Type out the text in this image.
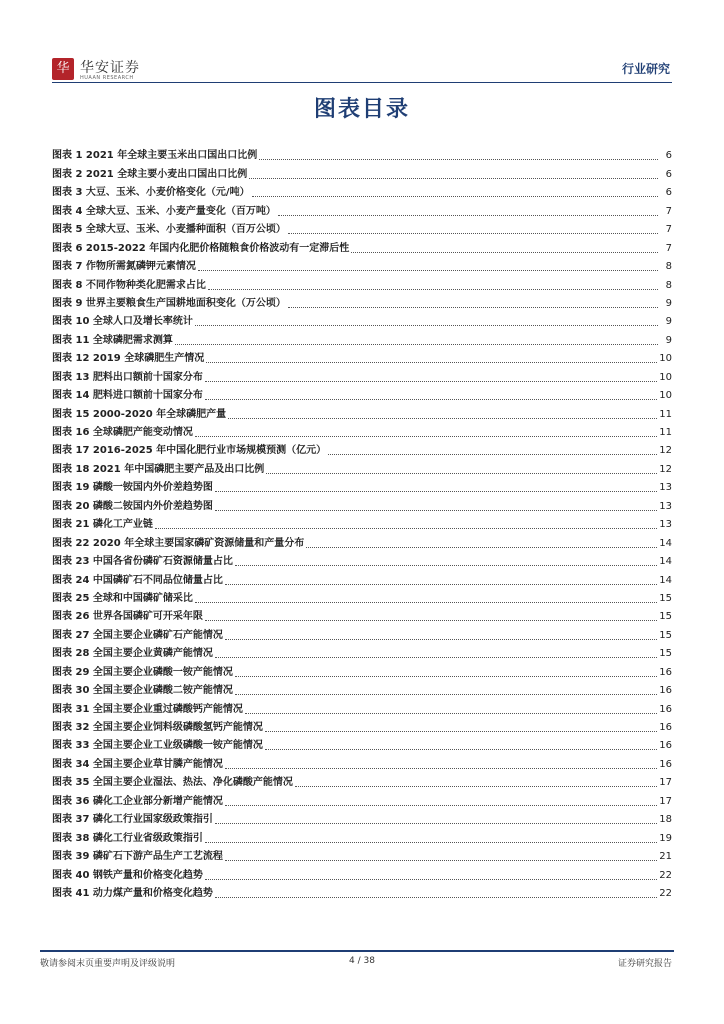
华 华安证券
HUAAN RESEARCH
行业研究
图表目录
图表 1 2021 年全球主要玉米出口国出口比例	6
图表 2 2021 全球主要小麦出口国出口比例	6
图表 3 大豆、玉米、小麦价格变化（元/吨）	6
图表 4 全球大豆、玉米、小麦产量变化（百万吨）	7
图表 5 全球大豆、玉米、小麦播种面积（百万公顷）	7
图表 6 2015-2022 年国内化肥价格随粮食价格波动有一定滞后性	7
图表 7 作物所需氮磷钾元素情况	8
图表 8 不同作物种类化肥需求占比	8
图表 9 世界主要粮食生产国耕地面积变化（万公顷）	9
图表 10 全球人口及增长率统计	9
图表 11 全球磷肥需求测算	9
图表 12 2019 全球磷肥生产情况	10
图表 13 肥料出口额前十国家分布	10
图表 14 肥料进口额前十国家分布	10
图表 15 2000-2020 年全球磷肥产量	11
图表 16 全球磷肥产能变动情况	11
图表 17 2016-2025 年中国化肥行业市场规模预测（亿元）	12
图表 18 2021 年中国磷肥主要产品及出口比例	12
图表 19 磷酸一铵国内外价差趋势图	13
图表 20 磷酸二铵国内外价差趋势图	13
图表 21 磷化工产业链	13
图表 22 2020 年全球主要国家磷矿资源储量和产量分布	14
图表 23 中国各省份磷矿石资源储量占比	14
图表 24 中国磷矿石不同品位储量占比	14
图表 25 全球和中国磷矿储采比	15
图表 26 世界各国磷矿可开采年限	15
图表 27 全国主要企业磷矿石产能情况	15
图表 28 全国主要企业黄磷产能情况	15
图表 29 全国主要企业磷酸一铵产能情况	16
图表 30 全国主要企业磷酸二铵产能情况	16
图表 31 全国主要企业重过磷酸钙产能情况	16
图表 32 全国主要企业饲料级磷酸氢钙产能情况	16
图表 33 全国主要企业工业级磷酸一铵产能情况	16
图表 34 全国主要企业草甘膦产能情况	16
图表 35 全国主要企业湿法、热法、净化磷酸产能情况	17
图表 36 磷化工企业部分新增产能情况	17
图表 37 磷化工行业国家级政策指引	18
图表 38 磷化工行业省级政策指引	19
图表 39 磷矿石下游产品生产工艺流程	21
图表 40 钢铁产量和价格变化趋势	22
图表 41 动力煤产量和价格变化趋势	22
敬请参阅末页重要声明及评级说明	4 / 38	证券研究报告
